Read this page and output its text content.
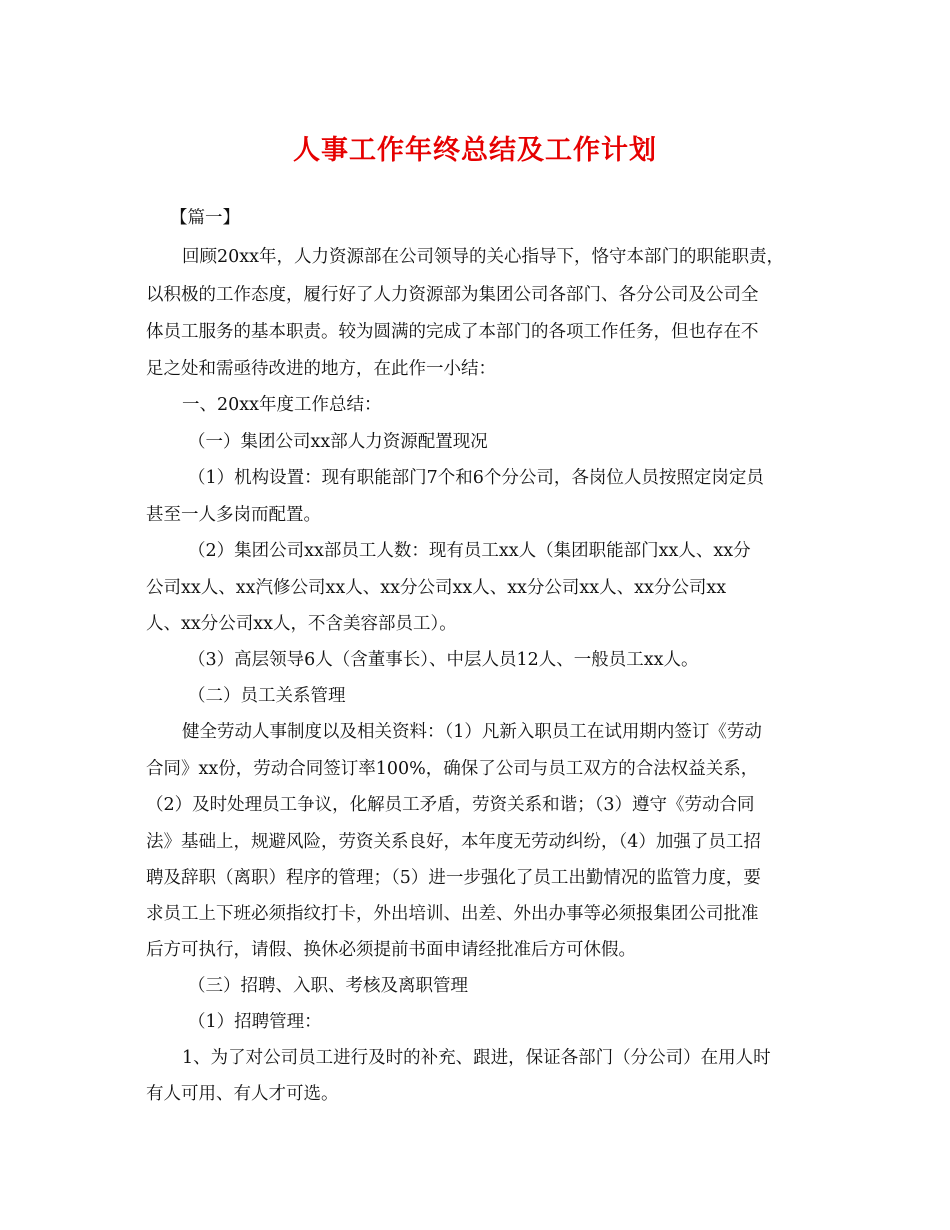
人事工作年终总结及工作计划
【篇一】
回顾20xx年，人力资源部在公司领导的关心指导下，恪守本部门的职能职责，
以积极的工作态度，履行好了人力资源部为集团公司各部门、各分公司及公司全
体员工服务的基本职责。较为圆满的完成了本部门的各项工作任务，但也存在不
足之处和需亟待改进的地方，在此作一小结：
一、20xx年度工作总结：
（一）集团公司xx部人力资源配置现况
（1）机构设置：现有职能部门7个和6个分公司，各岗位人员按照定岗定员
甚至一人多岗而配置。
（2）集团公司xx部员工人数：现有员工xx人（集团职能部门xx人、xx分
公司xx人、xx汽修公司xx人、xx分公司xx人、xx分公司xx人、xx分公司xx
人、xx分公司xx人，不含美容部员工）。
（3）高层领导6人（含董事长）、中层人员12人、一般员工xx人。
（二）员工关系管理
健全劳动人事制度以及相关资料：（1）凡新入职员工在试用期内签订《劳动
合同》xx份，劳动合同签订率100%，确保了公司与员工双方的合法权益关系，
（2）及时处理员工争议，化解员工矛盾，劳资关系和谐；（3）遵守《劳动合同
法》基础上，规避风险，劳资关系良好，本年度无劳动纠纷，（4）加强了员工招
聘及辞职（离职）程序的管理；（5）进一步强化了员工出勤情况的监管力度，要
求员工上下班必须指纹打卡，外出培训、出差、外出办事等必须报集团公司批准
后方可执行，请假、换休必须提前书面申请经批准后方可休假。
（三）招聘、入职、考核及离职管理
（1）招聘管理：
1、为了对公司员工进行及时的补充、跟进，保证各部门（分公司）在用人时
有人可用、有人才可选。
